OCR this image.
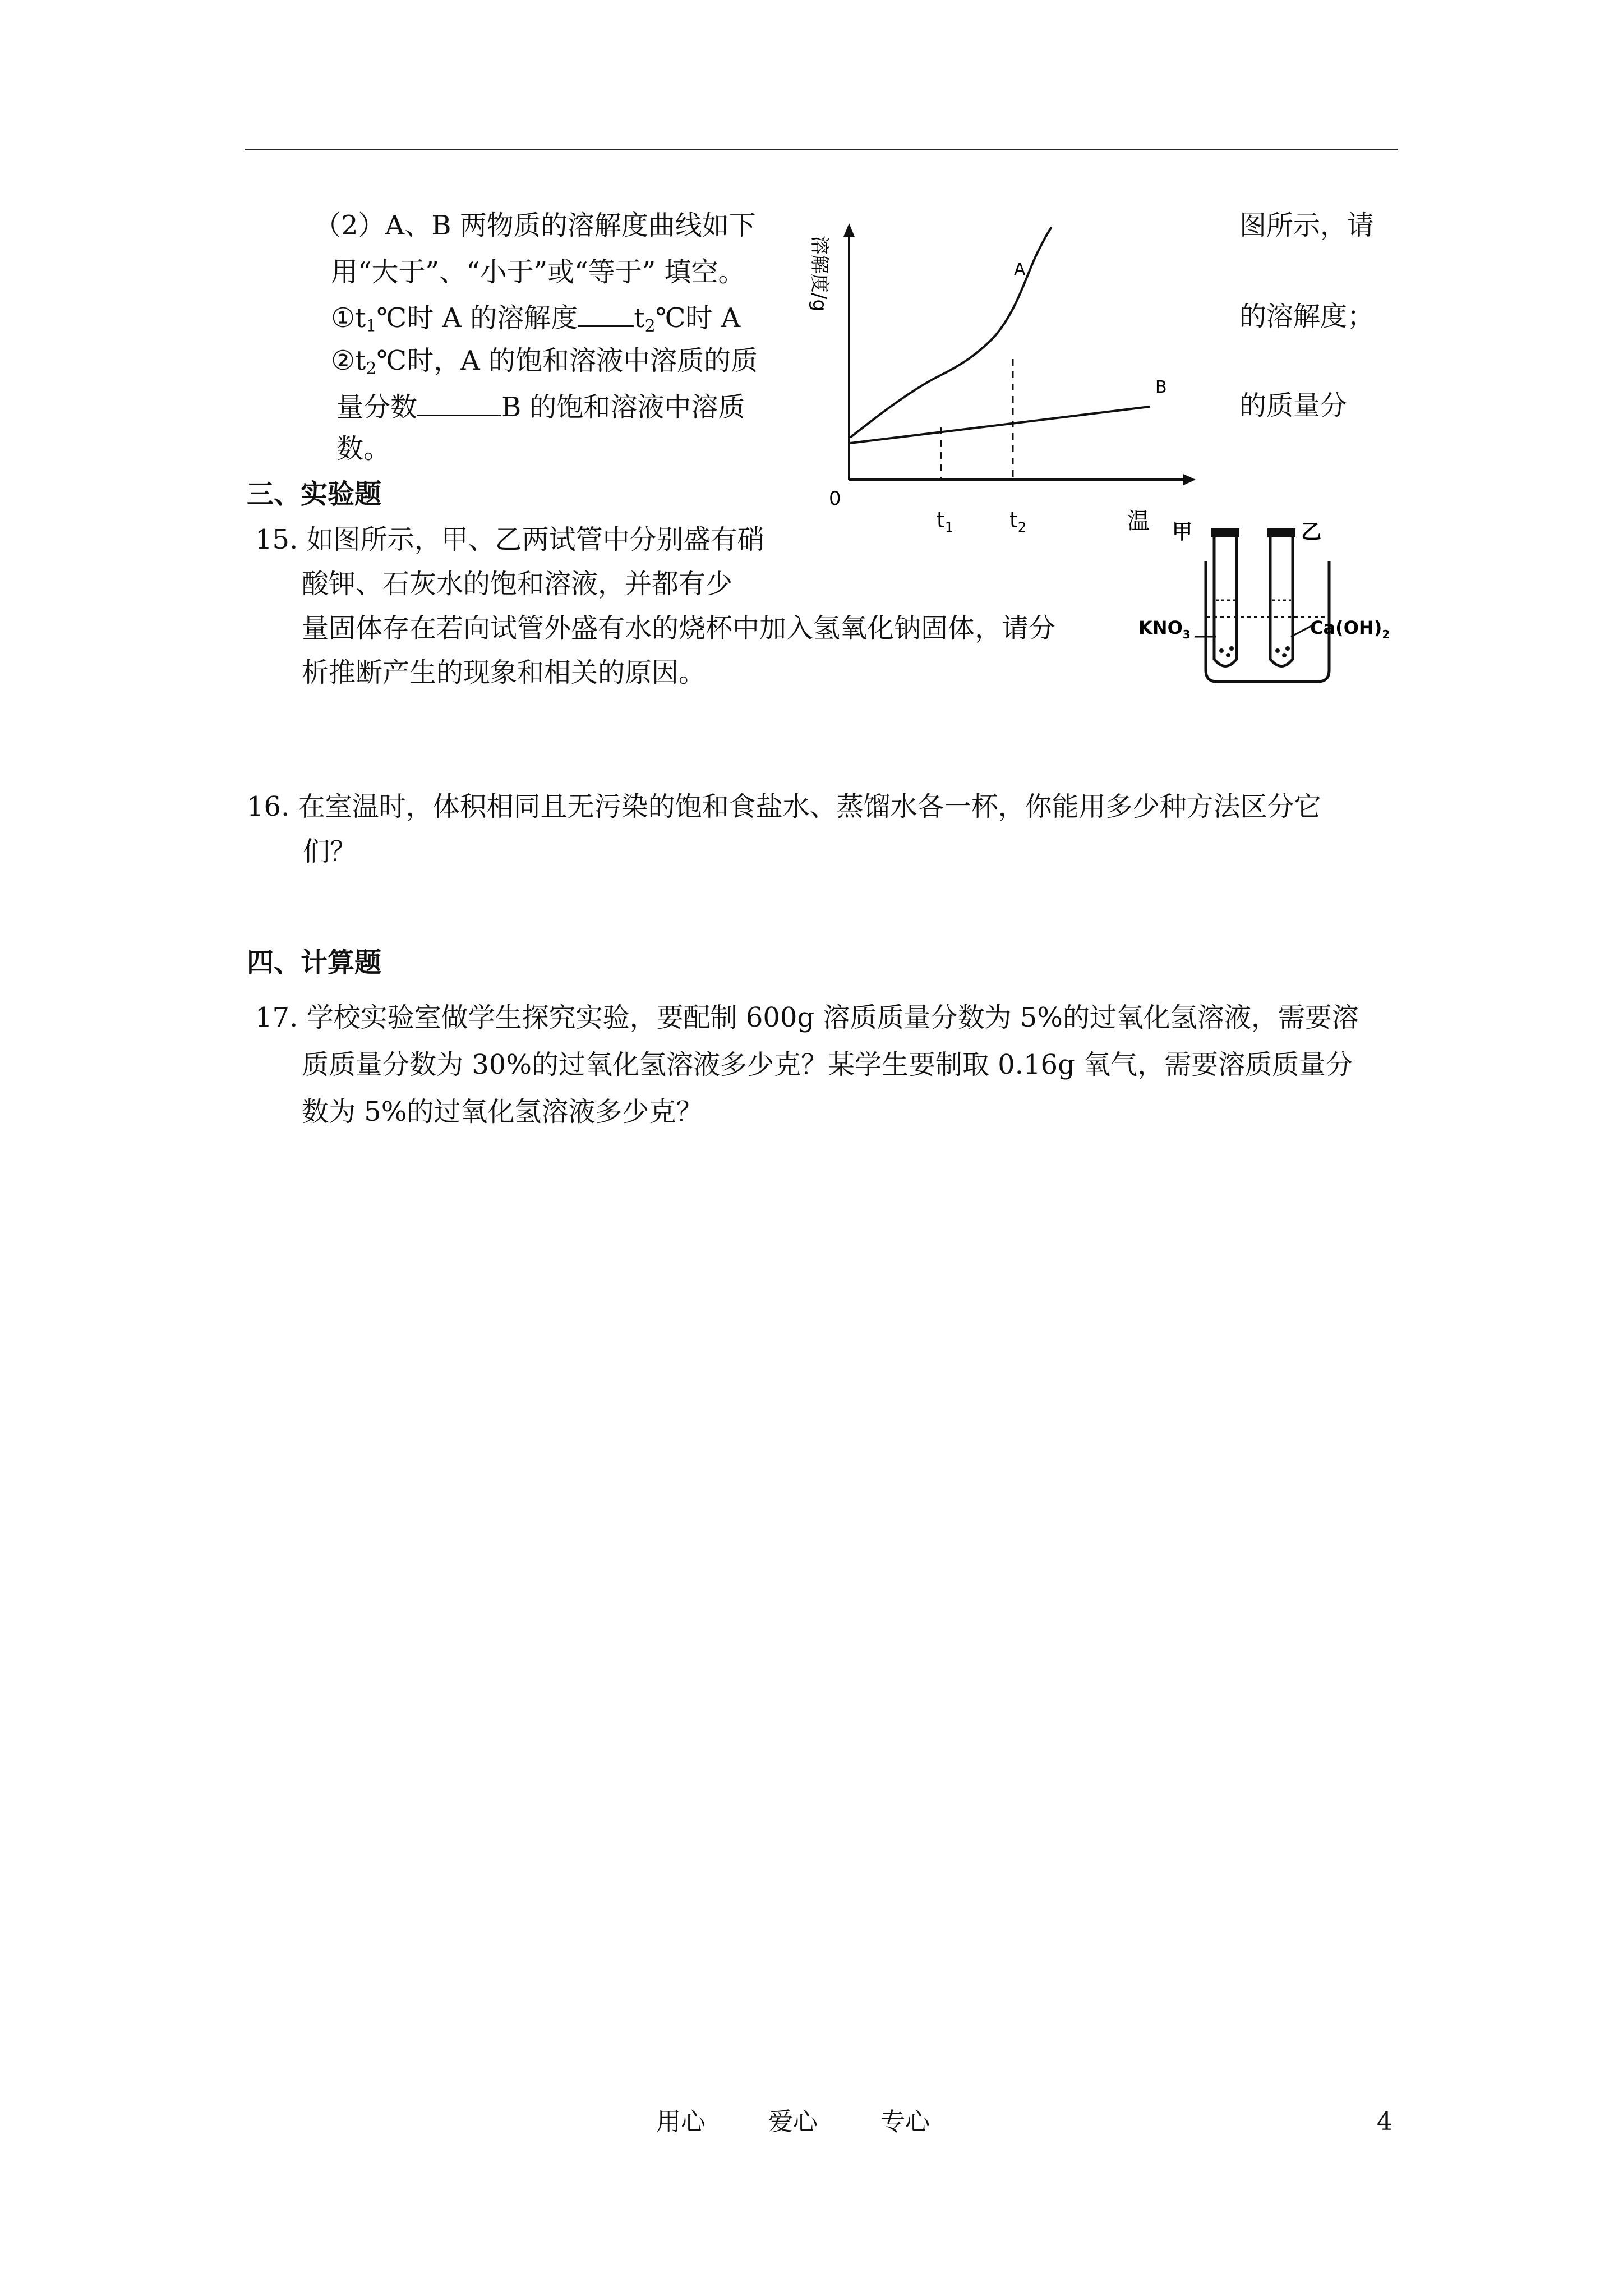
（2）A、B 两物质的溶解度曲线如下	图所示，请
用“大于”、“小于”或“等于” 填空。
$①t_1℃$时 A 的溶解度 $t_2℃$时 A	的溶解度；
$②t_2℃$时，A 的饱和溶液中溶质的质
量分数	B 的饱和溶液中溶质	的质量分
数。
溶解度/g
0
温
$t_1$	$t_2$
A
B
三、实验题
15. 如图所示，甲、乙两试管中分别盛有硝
酸钾、石灰水的饱和溶液，并都有少
量固体存在若向试管外盛有水的烧杯中加入氢氧化钠固体，请分
析推断产生的现象和相关的原因。
甲	乙
$KNO_3$	$Ca(OH)_2$
16. 在室温时，体积相同且无污染的饱和食盐水、蒸馏水各一杯，你能用多少种方法区分它
们？
四、计算题
17. 学校实验室做学生探究实验，要配制 600g 溶质质量分数为 5%的过氧化氢溶液，需要溶
质质量分数为 30%的过氧化氢溶液多少克？某学生要制取 0.16g 氧气，需要溶质质量分
数为 5%的过氧化氢溶液多少克？
用心	爱心	专心	4
